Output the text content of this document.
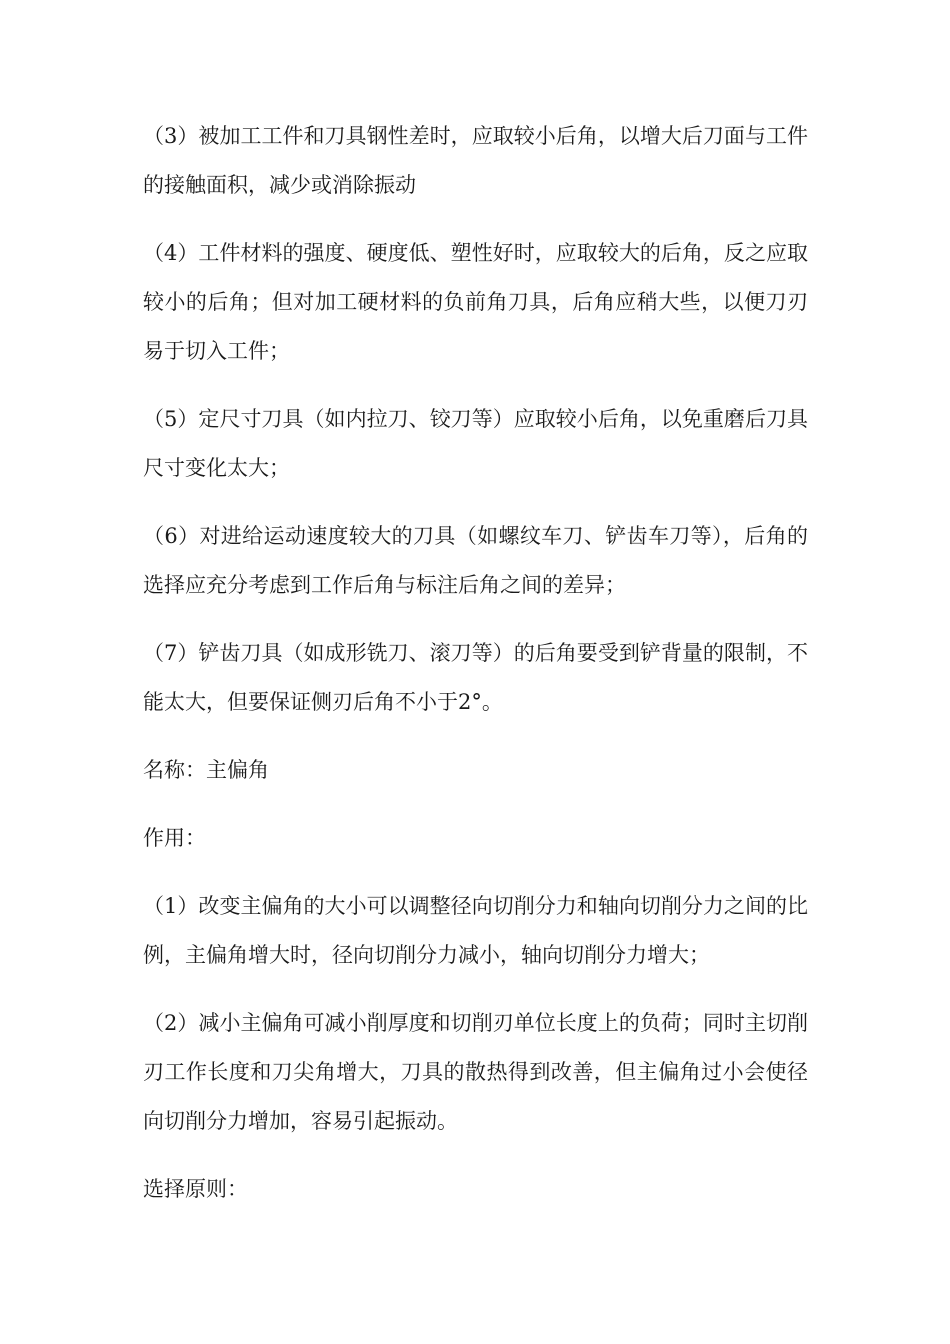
（3）被加工工件和刀具钢性差时，应取较小后角，以增大后刀面与工件的接触面积，减少或消除振动

（4）工件材料的强度、硬度低、塑性好时，应取较大的后角，反之应取较小的后角；但对加工硬材料的负前角刀具，后角应稍大些，以便刀刃易于切入工件；

（5）定尺寸刀具（如内拉刀、铰刀等）应取较小后角，以免重磨后刀具尺寸变化太大；

（6）对进给运动速度较大的刀具（如螺纹车刀、铲齿车刀等），后角的选择应充分考虑到工作后角与标注后角之间的差异；

（7）铲齿刀具（如成形铣刀、滚刀等）的后角要受到铲背量的限制，不能太大，但要保证侧刃后角不小于2°。

名称：主偏角

作用：

（1）改变主偏角的大小可以调整径向切削分力和轴向切削分力之间的比例，主偏角增大时，径向切削分力减小，轴向切削分力增大；

（2）减小主偏角可减小削厚度和切削刃单位长度上的负荷；同时主切削刃工作长度和刀尖角增大，刀具的散热得到改善，但主偏角过小会使径向切削分力增加，容易引起振动。

选择原则：
